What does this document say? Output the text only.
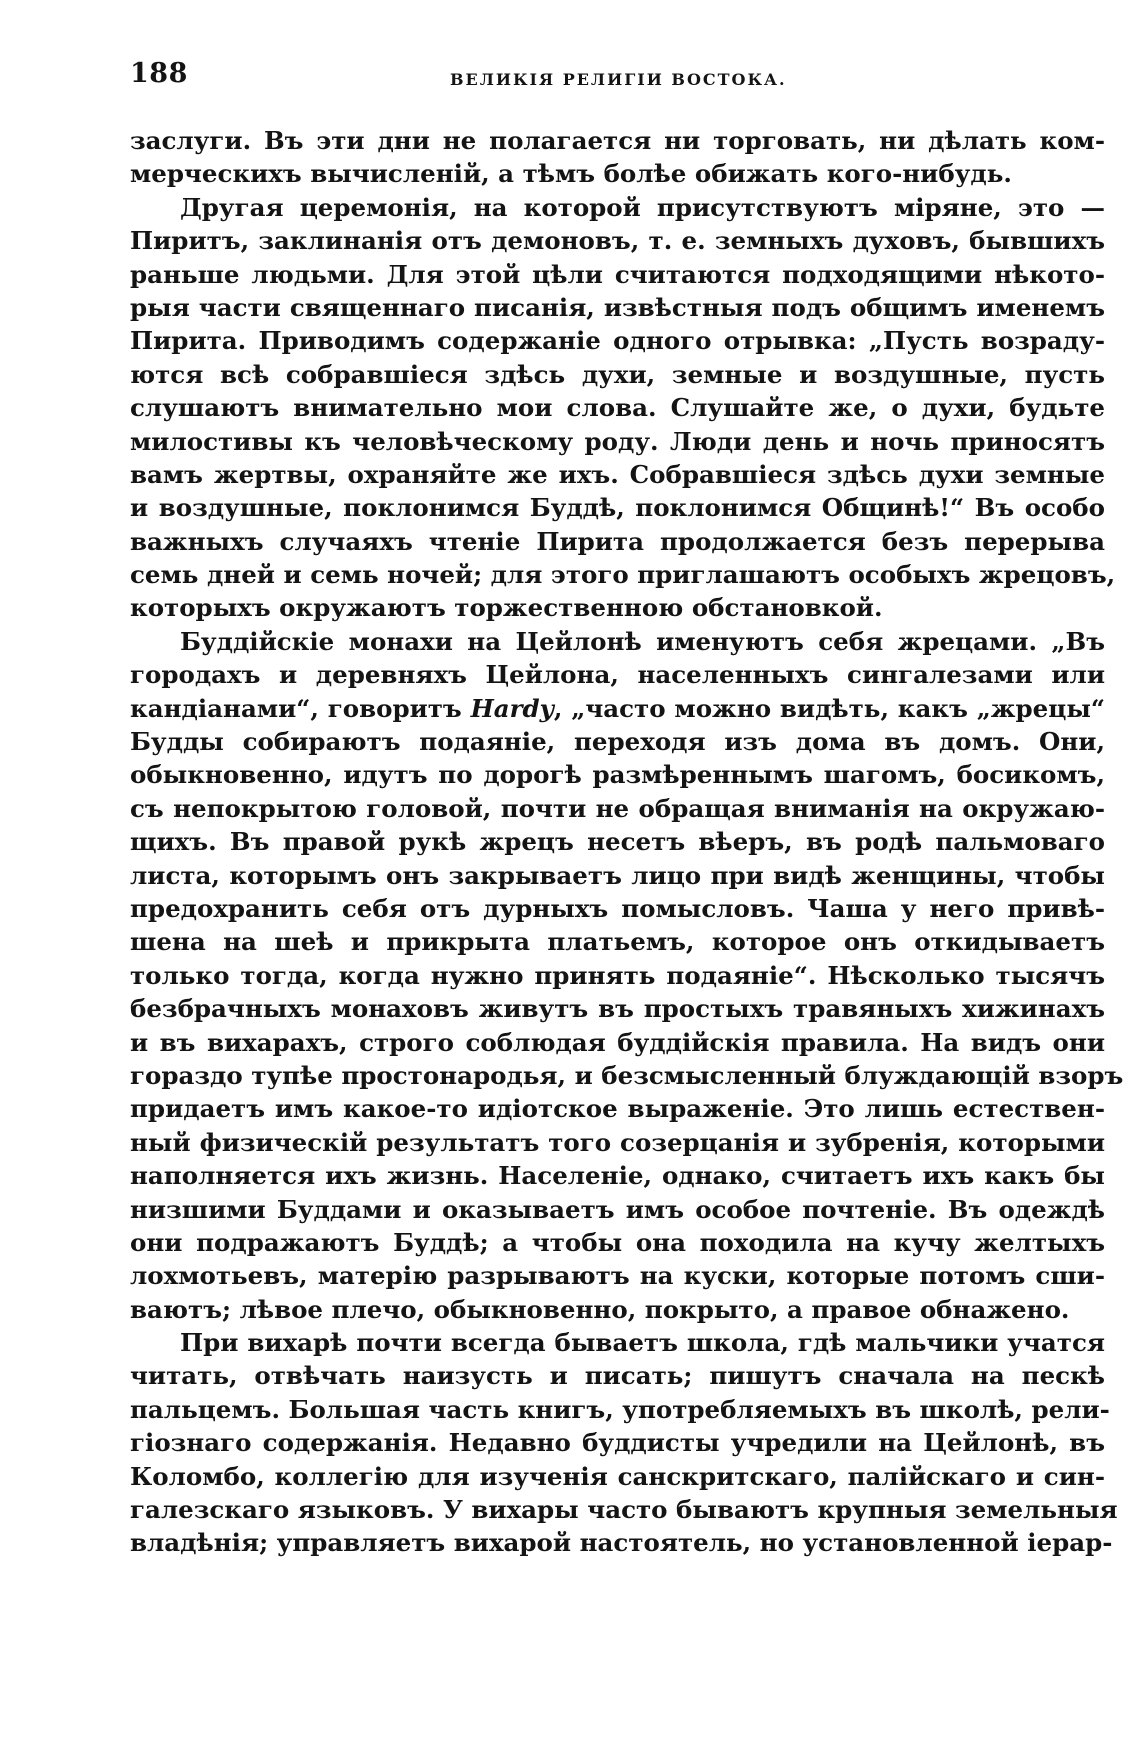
188	ВЕЛИКІЯ РЕЛИГІИ ВОСТОКА.
заслуги. Въ эти дни не полагается ни торговать, ни дѣлать ком-
мерческихъ вычисленій, а тѣмъ болѣе обижать кого-нибудь.
Другая церемонія, на которой присутствуютъ міряне, это —
Пиритъ, заклинанія отъ демоновъ, т. е. земныхъ духовъ, бывшихъ
раньше людьми. Для этой цѣли считаются подходящими нѣкото-
рыя части священнаго писанія, извѣстныя подъ общимъ именемъ
Пирита. Приводимъ содержаніе одного отрывка: „Пусть возраду-
ются всѣ собравшіеся здѣсь духи, земные и воздушные, пусть
слушаютъ внимательно мои слова. Слушайте же, о духи, будьте
милостивы къ человѣческому роду. Люди день и ночь приносятъ
вамъ жертвы, охраняйте же ихъ. Собравшіеся здѣсь духи земные
и воздушные, поклонимся Буддѣ, поклонимся Общинѣ!“ Въ особо
важныхъ случаяхъ чтеніе Пирита продолжается безъ перерыва
семь дней и семь ночей; для этого приглашаютъ особыхъ жрецовъ,
которыхъ окружаютъ торжественною обстановкой.
Буддійскіе монахи на Цейлонѣ именуютъ себя жрецами. „Въ
городахъ и деревняхъ Цейлона, населенныхъ сингалезами или
кандіанами“, говоритъ Hardy, „часто можно видѣть, какъ „жрецы“
Будды собираютъ подаяніе, переходя изъ дома въ домъ. Они,
обыкновенно, идутъ по дорогѣ размѣреннымъ шагомъ, босикомъ,
съ непокрытою головой, почти не обращая вниманія на окружаю-
щихъ. Въ правой рукѣ жрецъ несетъ вѣеръ, въ родѣ пальмоваго
листа, которымъ онъ закрываетъ лицо при видѣ женщины, чтобы
предохранить себя отъ дурныхъ помысловъ. Чаша у него привѣ-
шена на шеѣ и прикрыта платьемъ, которое онъ откидываетъ
только тогда, когда нужно принять подаяніе“. Нѣсколько тысячъ
безбрачныхъ монаховъ живутъ въ простыхъ травяныхъ хижинахъ
и въ вихарахъ, строго соблюдая буддійскія правила. На видъ они
гораздо тупѣе простонародья, и безсмысленный блуждающій взоръ
придаетъ имъ какое-то идіотское выраженіе. Это лишь естествен-
ный физическій результатъ того созерцанія и зубренія, которыми
наполняется ихъ жизнь. Населеніе, однако, считаетъ ихъ какъ бы
низшими Буддами и оказываетъ имъ особое почтеніе. Въ одеждѣ
они подражаютъ Буддѣ; а чтобы она походила на кучу желтыхъ
лохмотьевъ, матерію разрываютъ на куски, которые потомъ сши-
ваютъ; лѣвое плечо, обыкновенно, покрыто, а правое обнажено.
При вихарѣ почти всегда бываетъ школа, гдѣ мальчики учатся
читать, отвѣчать наизусть и писать; пишутъ сначала на пескѣ
пальцемъ. Большая часть книгъ, употребляемыхъ въ школѣ, рели-
гіознаго содержанія. Недавно буддисты учредили на Цейлонѣ, въ
Коломбо, коллегію для изученія санскритскаго, палійскаго и син-
галезскаго языковъ. У вихары часто бываютъ крупныя земельныя
владѣнія; управляетъ вихарой настоятель, но установленной іерар-
